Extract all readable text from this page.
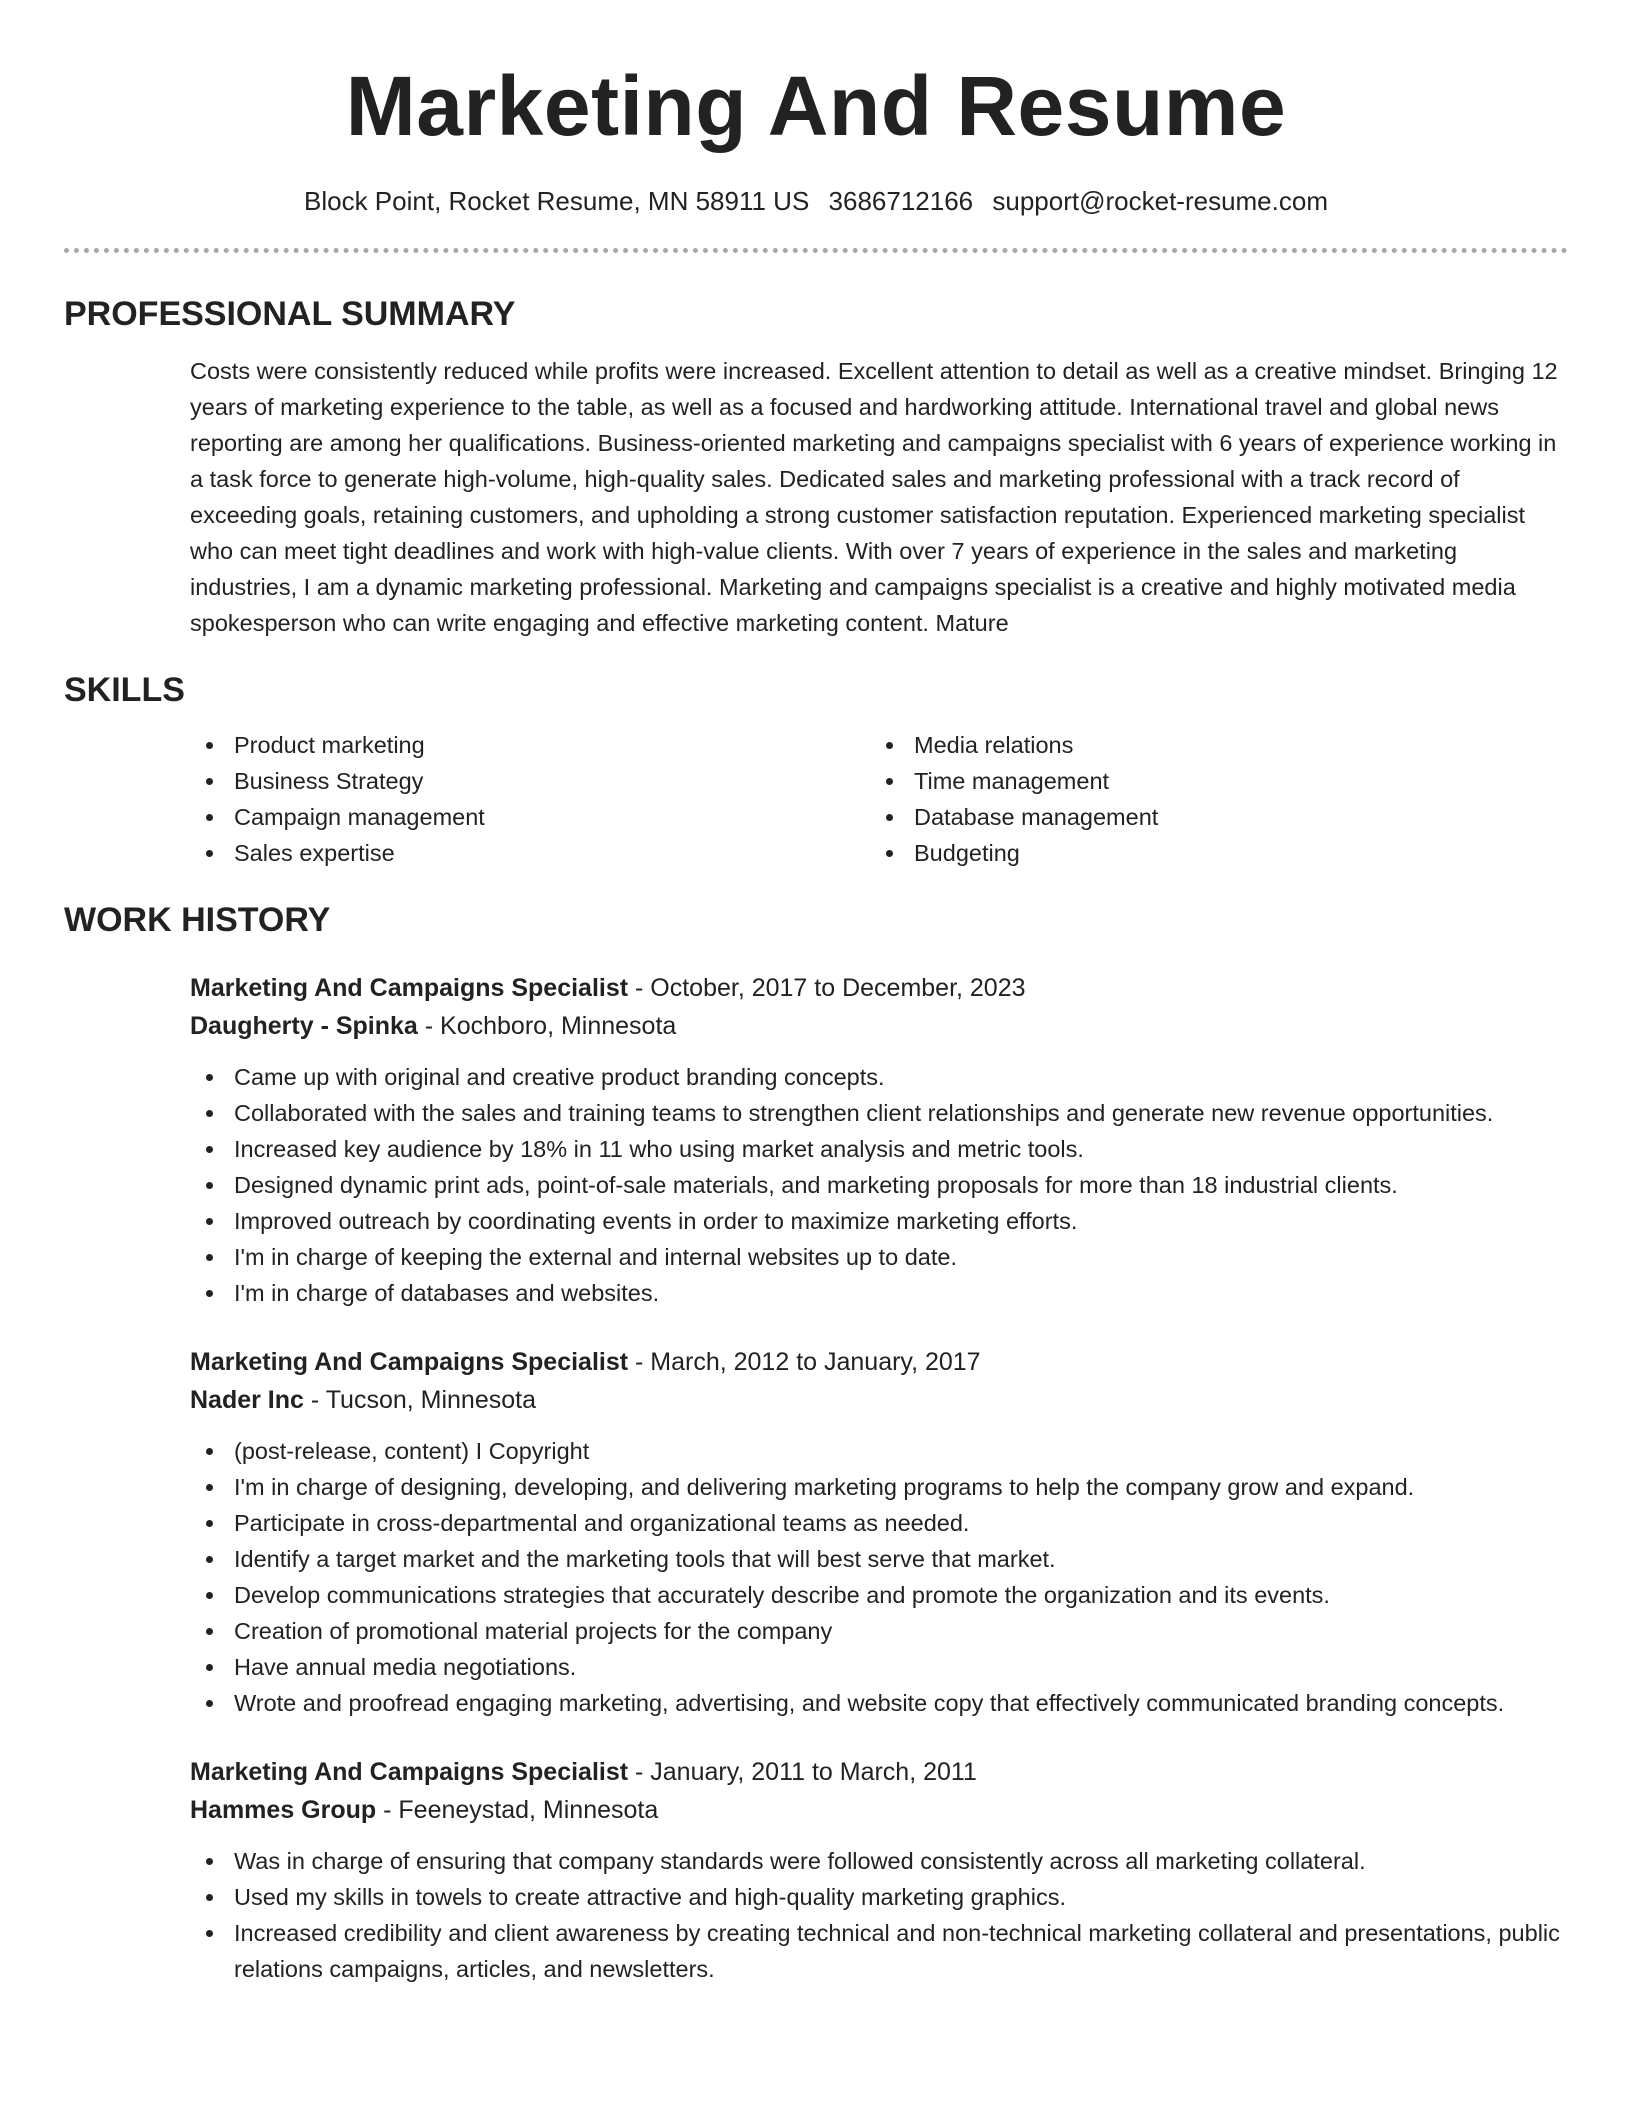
Marketing And Resume
Block Point, Rocket Resume, MN 58911 US 3686712166 support@rocket-resume.com
PROFESSIONAL SUMMARY

Costs were consistently reduced while profits were increased. Excellent attention to detail as well as a creative mindset. Bringing 12 years of marketing experience to the table, as well as a focused and hardworking attitude. International travel and global news reporting are among her qualifications. Business-oriented marketing and campaigns specialist with 6 years of experience working in a task force to generate high-volume, high-quality sales. Dedicated sales and marketing professional with a track record of exceeding goals, retaining customers, and upholding a strong customer satisfaction reputation. Experienced marketing specialist who can meet tight deadlines and work with high-value clients. With over 7 years of experience in the sales and marketing industries, I am a dynamic marketing professional. Marketing and campaigns specialist is a creative and highly motivated media spokesperson who can write engaging and effective marketing content. Mature

SKILLS
Product marketing
Business Strategy
Campaign management
Sales expertise
Media relations
Time management
Database management
Budgeting
WORK HISTORY
Marketing And Campaigns Specialist - October, 2017 to December, 2023
Daugherty - Spinka - Kochboro, Minnesota
Came up with original and creative product branding concepts.
Collaborated with the sales and training teams to strengthen client relationships and generate new revenue opportunities.
Increased key audience by 18% in 11 who using market analysis and metric tools.
Designed dynamic print ads, point-of-sale materials, and marketing proposals for more than 18 industrial clients.
Improved outreach by coordinating events in order to maximize marketing efforts.
I'm in charge of keeping the external and internal websites up to date.
I'm in charge of databases and websites.
Marketing And Campaigns Specialist - March, 2012 to January, 2017
Nader Inc - Tucson, Minnesota
(post-release, content) I Copyright
I'm in charge of designing, developing, and delivering marketing programs to help the company grow and expand.
Participate in cross-departmental and organizational teams as needed.
Identify a target market and the marketing tools that will best serve that market.
Develop communications strategies that accurately describe and promote the organization and its events.
Creation of promotional material projects for the company
Have annual media negotiations.
Wrote and proofread engaging marketing, advertising, and website copy that effectively communicated branding concepts.
Marketing And Campaigns Specialist - January, 2011 to March, 2011
Hammes Group - Feeneystad, Minnesota
Was in charge of ensuring that company standards were followed consistently across all marketing collateral.
Used my skills in towels to create attractive and high-quality marketing graphics.
Increased credibility and client awareness by creating technical and non-technical marketing collateral and presentations, public relations campaigns, articles, and newsletters.
